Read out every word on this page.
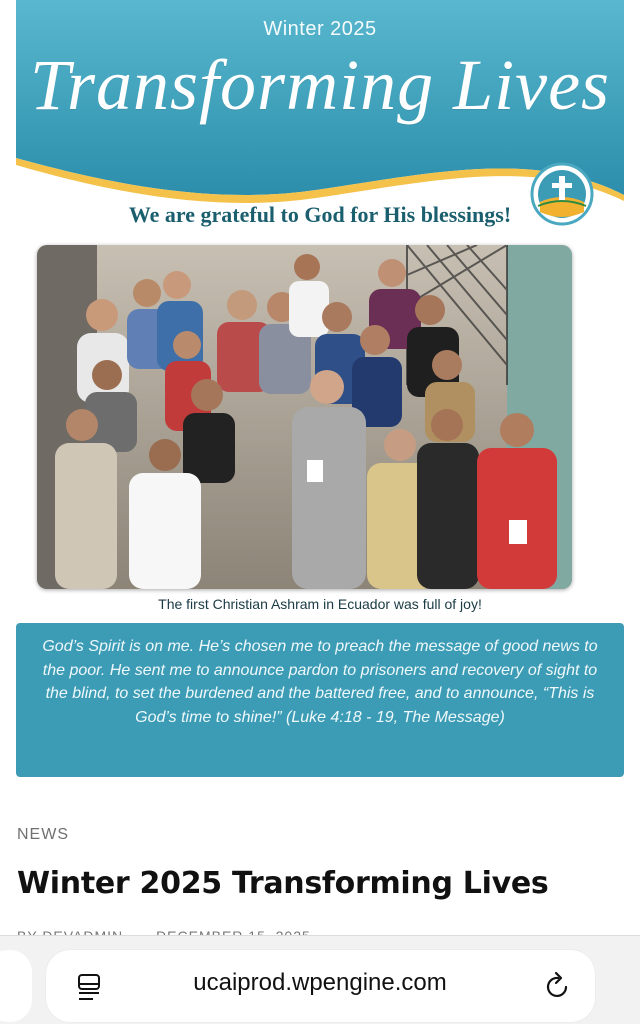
Winter 2025
Transforming Lives
We are grateful to God for His blessings!
The first Christian Ashram in Ecuador was full of joy!
God’s Spirit is on me. He’s chosen me to preach the message of good news to the poor. He sent me to announce pardon to prisoners and recovery of sight to the blind, to set the burdened and the battered free, and to announce, “This is God’s time to shine!” (Luke 4:18 - 19, The Message)
NEWS
Winter 2025 Transforming Lives
ucaiprod.wpengine.com
